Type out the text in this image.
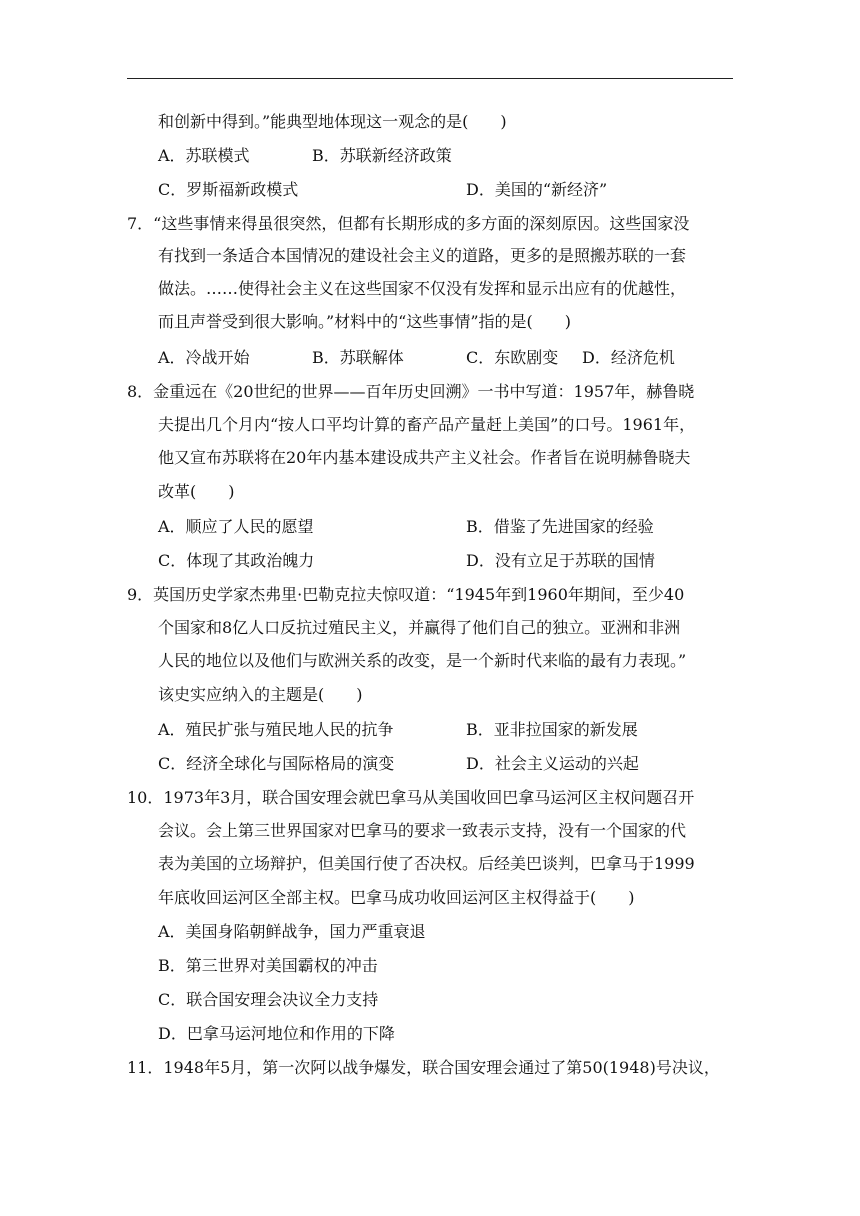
和创新中得到。”能典型地体现这一观念的是(　　)
A．苏联模式	B．苏联新经济政策
C．罗斯福新政模式	D．美国的“新经济”
7．“这些事情来得虽很突然，但都有长期形成的多方面的深刻原因。这些国家没
有找到一条适合本国情况的建设社会主义的道路，更多的是照搬苏联的一套
做法。……使得社会主义在这些国家不仅没有发挥和显示出应有的优越性，
而且声誉受到很大影响。”材料中的“这些事情”指的是(　　)
A．冷战开始	B．苏联解体	C．东欧剧变 D．经济危机
8．金重远在《20世纪的世界——百年历史回溯》一书中写道：1957年，赫鲁晓
夫提出几个月内“按人口平均计算的畜产品产量赶上美国”的口号。1961年，
他又宣布苏联将在20年内基本建设成共产主义社会。作者旨在说明赫鲁晓夫
改革(　　)
A．顺应了人民的愿望	B．借鉴了先进国家的经验
C．体现了其政治魄力	D．没有立足于苏联的国情
9．英国历史学家杰弗里·巴勒克拉夫惊叹道：“1945年到1960年期间，至少40
个国家和8亿人口反抗过殖民主义，并赢得了他们自己的独立。亚洲和非洲
人民的地位以及他们与欧洲关系的改变，是一个新时代来临的最有力表现。”
该史实应纳入的主题是(　　)
A．殖民扩张与殖民地人民的抗争	B．亚非拉国家的新发展
C．经济全球化与国际格局的演变	D．社会主义运动的兴起
10．1973年3月，联合国安理会就巴拿马从美国收回巴拿马运河区主权问题召开
会议。会上第三世界国家对巴拿马的要求一致表示支持，没有一个国家的代
表为美国的立场辩护，但美国行使了否决权。后经美巴谈判，巴拿马于1999
年底收回运河区全部主权。巴拿马成功收回运河区主权得益于(　　)
A．美国身陷朝鲜战争，国力严重衰退
B．第三世界对美国霸权的冲击
C．联合国安理会决议全力支持
D．巴拿马运河地位和作用的下降
11．1948年5月，第一次阿以战争爆发，联合国安理会通过了第50(1948)号决议，
